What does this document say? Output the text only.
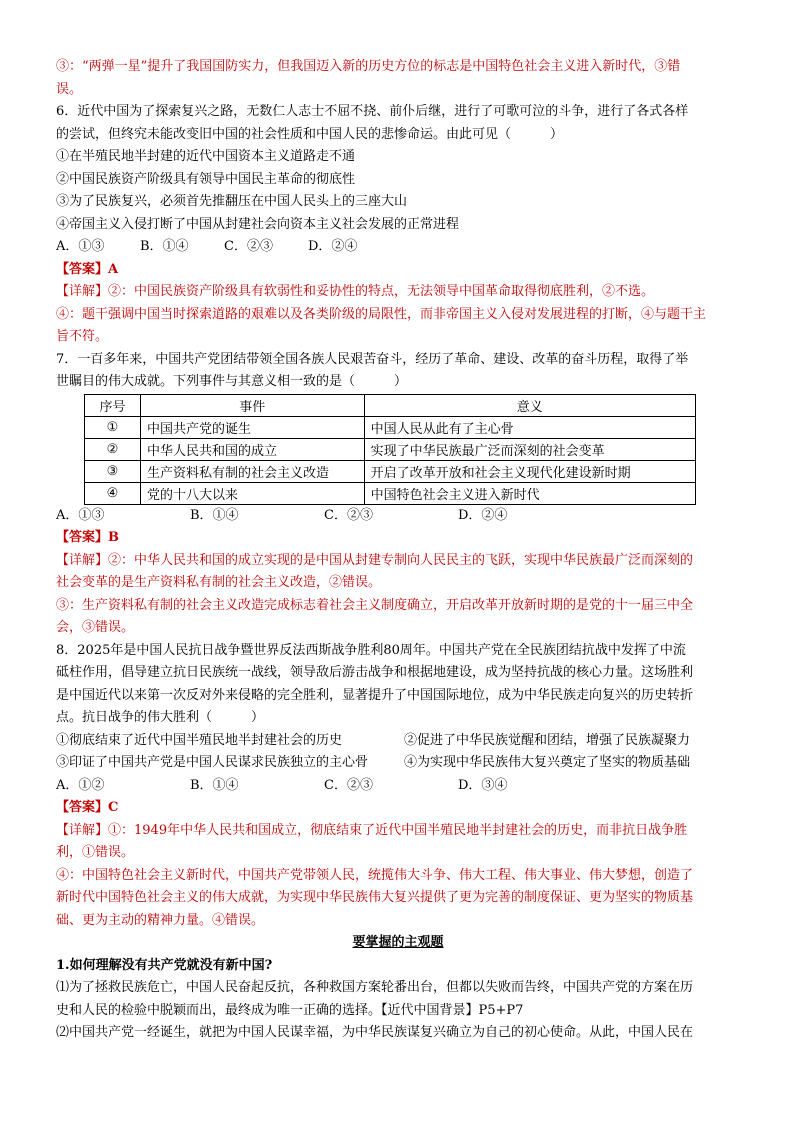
③：“两弹一星”提升了我国国防实力，但我国迈入新的历史方位的标志是中国特色社会主义进入新时代，③错

误。

6．近代中国为了探索复兴之路，无数仁人志士不屈不挠、前仆后继，进行了可歌可泣的斗争，进行了各式各样

的尝试，但终究未能改变旧中国的社会性质和中国人民的悲惨命运。由此可见（　　　）

①在半殖民地半封建的近代中国资本主义道路走不通

②中国民族资产阶级具有领导中国民主革命的彻底性

③为了民族复兴，必须首先推翻压在中国人民头上的三座大山

④帝国主义入侵打断了中国从封建社会向资本主义社会发展的正常进程

A．①③	B．①④	C．②③	D．②④

【答案】A

【详解】②：中国民族资产阶级具有软弱性和妥协性的特点，无法领导中国革命取得彻底胜利，②不选。

④：题干强调中国当时探索道路的艰难以及各类阶级的局限性，而非帝国主义入侵对发展进程的打断，④与题干主

旨不符。

7．一百多年来，中国共产党团结带领全国各族人民艰苦奋斗，经历了革命、建设、改革的奋斗历程，取得了举

世瞩目的伟大成就。下列事件与其意义相一致的是（　　　）

序号	事件	意义
①	中国共产党的诞生	中国人民从此有了主心骨
②	中华人民共和国的成立	实现了中华民族最广泛而深刻的社会变革
③	生产资料私有制的社会主义改造	开启了改革开放和社会主义现代化建设新时期
④	党的十八大以来	中国特色社会主义进入新时代

A．①③	B．①④	C．②③	D．②④

【答案】B

【详解】②：中华人民共和国的成立实现的是中国从封建专制向人民民主的飞跃，实现中华民族最广泛而深刻的

社会变革的是生产资料私有制的社会主义改造，②错误。

③：生产资料私有制的社会主义改造完成标志着社会主义制度确立，开启改革开放新时期的是党的十一届三中全

会，③错误。

8．2025年是中国人民抗日战争暨世界反法西斯战争胜利80周年。中国共产党在全民族团结抗战中发挥了中流

砥柱作用，倡导建立抗日民族统一战线，领导敌后游击战争和根据地建设，成为坚持抗战的核心力量。这场胜利

是中国近代以来第一次反对外来侵略的完全胜利，显著提升了中国国际地位，成为中华民族走向复兴的历史转折

点。抗日战争的伟大胜利（　　　）

①彻底结束了近代中国半殖民地半封建社会的历史	②促进了中华民族觉醒和团结，增强了民族凝聚力

③印证了中国共产党是中国人民谋求民族独立的主心骨	④为实现中华民族伟大复兴奠定了坚实的物质基础

A．①②	B．①④	C．②③	D．③④

【答案】C

【详解】①：1949年中华人民共和国成立，彻底结束了近代中国半殖民地半封建社会的历史，而非抗日战争胜

利，①错误。

④：中国特色社会主义新时代，中国共产党带领人民，统揽伟大斗争、伟大工程、伟大事业、伟大梦想，创造了

新时代中国特色社会主义的伟大成就，为实现中华民族伟大复兴提供了更为完善的制度保证、更为坚实的物质基

础、更为主动的精神力量。④错误。

要掌握的主观题

1.如何理解没有共产党就没有新中国?

⑴为了拯救民族危亡，中国人民奋起反抗，各种救国方案轮番出台，但都以失败而告终，中国共产党的方案在历

史和人民的检验中脱颖而出，最终成为唯一正确的选择。【近代中国背景】P5+P7

⑵中国共产党一经诞生，就把为中国人民谋幸福，为中华民族谋复兴确立为自己的初心使命。从此，中国人民在
